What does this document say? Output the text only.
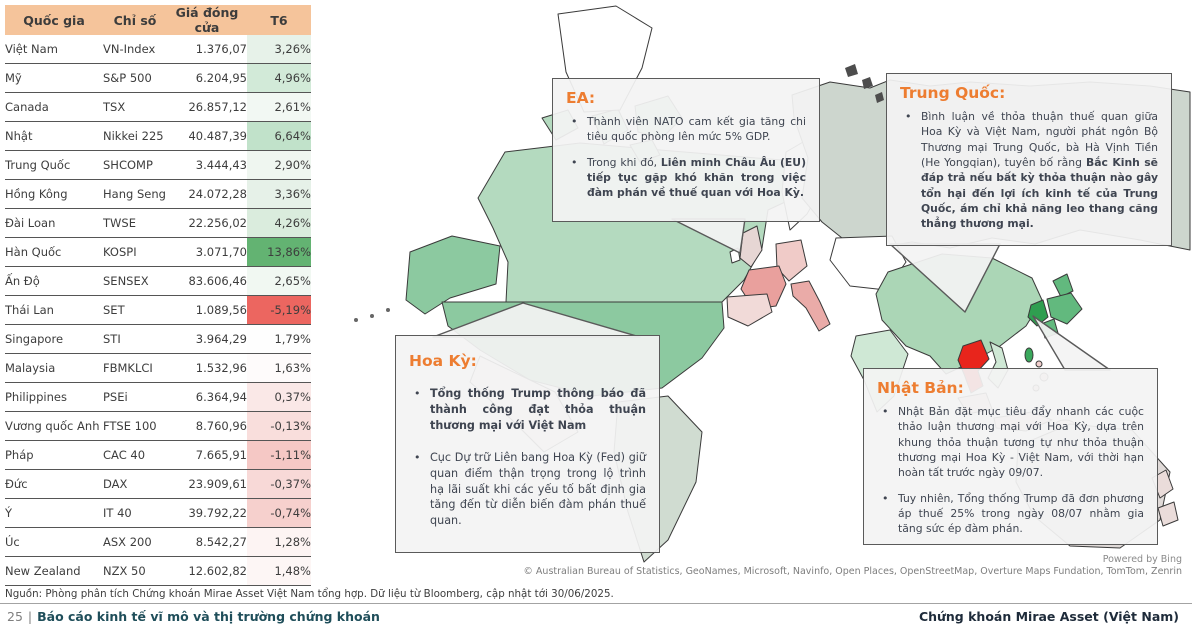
Quốc gia	Chỉ số	Giá đóng cửa	T6
Việt Nam	VN-Index	1.376,07	3,26%
Mỹ	S&P 500	6.204,95	4,96%
Canada	TSX	26.857,12	2,61%
Nhật	Nikkei 225	40.487,39	6,64%
Trung Quốc	SHCOMP	3.444,43	2,90%
Hồng Kông	Hang Seng	24.072,28	3,36%
Đài Loan	TWSE	22.256,02	4,26%
Hàn Quốc	KOSPI	3.071,70	13,86%
Ấn Độ	SENSEX	83.606,46	2,65%
Thái Lan	SET	1.089,56	-5,19%
Singapore	STI	3.964,29	1,79%
Malaysia	FBMKLCI	1.532,96	1,63%
Philippines	PSEi	6.364,94	0,37%
Vương quốc Anh	FTSE 100	8.760,96	-0,13%
Pháp	CAC 40	7.665,91	-1,11%
Đức	DAX	23.909,61	-0,37%
Ý	IT 40	39.792,22	-0,74%
Úc	ASX 200	8.542,27	1,28%
New Zealand	NZX 50	12.602,82	1,48%
Nguồn: Phòng phân tích Chứng khoán Mirae Asset Việt Nam tổng hợp. Dữ liệu từ Bloomberg, cập nhật tới 30/06/2025.
Powered by Bing
© Australian Bureau of Statistics, GeoNames, Microsoft, Navinfo, Open Places, OpenStreetMap, Overture Maps Fundation, TomTom, Zenrin
EA:
• Thành viên NATO cam kết gia tăng chi tiêu quốc phòng lên mức 5% GDP.
• Trong khi đó, Liên minh Châu Âu (EU) tiếp tục gặp khó khăn trong việc đàm phán về thuế quan với Hoa Kỳ.
Trung Quốc:
• Bình luận về thỏa thuận thuế quan giữa Hoa Kỳ và Việt Nam, người phát ngôn Bộ Thương mại Trung Quốc, bà Hà Vịnh Tiền (He Yongqian), tuyên bố rằng Bắc Kinh sẽ đáp trả nếu bất kỳ thỏa thuận nào gây tổn hại đến lợi ích kinh tế của Trung Quốc, ám chỉ khả năng leo thang căng thẳng thương mại.
Hoa Kỳ:
• Tổng thống Trump thông báo đã thành công đạt thỏa thuận thương mại với Việt Nam
• Cục Dự trữ Liên bang Hoa Kỳ (Fed) giữ quan điểm thận trọng trong lộ trình hạ lãi suất khi các yếu tố bất định gia tăng đến từ diễn biến đàm phán thuế quan.
Nhật Bản:
• Nhật Bản đặt mục tiêu đẩy nhanh các cuộc thảo luận thương mại với Hoa Kỳ, dựa trên khung thỏa thuận tương tự như thỏa thuận thương mại Hoa Kỳ - Việt Nam, với thời hạn hoàn tất trước ngày 09/07.
• Tuy nhiên, Tổng thống Trump đã đơn phương áp thuế 25% trong ngày 08/07 nhằm gia tăng sức ép đàm phán.
25 | Báo cáo kinh tế vĩ mô và thị trường chứng khoán	Chứng khoán Mirae Asset (Việt Nam)
